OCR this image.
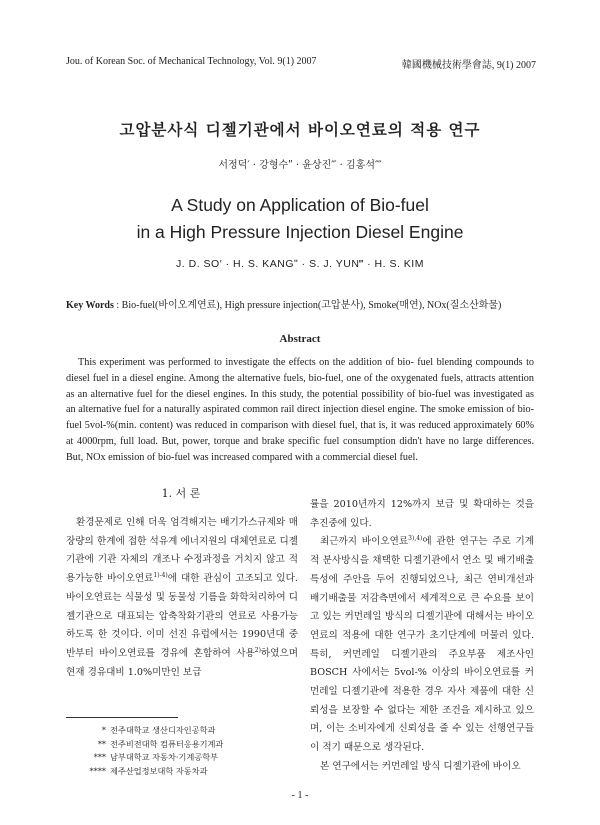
Jou. of Korean Soc. of Mechanical Technology, Vol. 9(1) 2007	韓國機械技術學會誌, 9(1) 2007
고압분사식 디젤기관에서 바이오연료의 적용 연구
서정덕′ · 강형수ʺ · 윤상진‴ · 김홍석⁗
A Study on Application of Bio-fuel
in a High Pressure Injection Diesel Engine
J. D. SO′ · H. S. KANGʺ · S. J. YUN‴ · H. S. KIM
Key Words : Bio-fuel(바이오계연료), High pressure injection(고압분사), Smoke(매연), NOx(질소산화물)
Abstract
This experiment was performed to investigate the effects on the addition of bio- fuel blending compounds to diesel fuel in a diesel engine. Among the alternative fuels, bio-fuel, one of the oxygenated fuels, attracts attention as an alternative fuel for the diesel engines. In this study, the potential possibility of bio-fuel was investigated as an alternative fuel for a naturally aspirated common rail direct injection diesel engine. The smoke emission of bio-fuel 5vol-%(min. content) was reduced in comparison with diesel fuel, that is, it was reduced approximately 60% at 4000rpm, full load. But, power, torque and brake specific fuel consumption didn't have no large differences. But, NOx emission of bio-fuel was increased compared with a commercial diesel fuel.
1. 서 론

환경문제로 인해 더욱 엄격해지는 배기가스규제와 매장량의 한계에 접한 석유계 에너지원의 대체연료로 디젤기관에 기관 자체의 개조나 수정과정을 거치지 않고 적용가능한 바이오연료$^{1)-4)}$에 대한 관심이 고조되고 있다. 바이오연료는 식물성 및 동물성 기름을 화학처리하여 디젤기관으로 대표되는 압축착화기관의 연료로 사용가능하도록 한 것이다. 이미 선진 유럽에서는 1990년대 중반부터 바이오연료를 경유에 혼합하여 사용$^{2)}$하였으며 현재 경유대비 1.0%미만인 보급

률을 2010년까지 12%까지 보급 및 확대하는 것을 추진중에 있다.

최근까지 바이오연료$^{3),4)}$에 관한 연구는 주로 기계적 분사방식을 채택한 디젤기관에서 연소 및 배기배출 특성에 주안을 두어 진행되었으나, 최근 연비개선과 배기배출물 저감측면에서 세계적으로 큰 수요를 보이고 있는 커먼레일 방식의 디젤기관에 대해서는 바이오연료의 적용에 대한 연구가 초기단계에 머물러 있다. 특히, 커먼레일 디젤기관의 주요부품 제조사인 BOSCH 사에서는 5vol-% 이상의 바이오연료를 커먼레일 디젤기관에 적용한 경우 자사 제품에 대한 신뢰성을 보장할 수 없다는 제한 조건을 제시하고 있으며, 이는 소비자에게 신뢰성을 줄 수 있는 선행연구들이 적기 때문으로 생각된다.

본 연구에서는 커먼레일 방식 디젤기관에 바이오

* 전주대학교 생산디자인공학과
** 전주비전대학 컴퓨터응용기계과
*** 남부대학교 자동차·기계공학부
**** 제주산업정보대학 자동차과
- 1 -
